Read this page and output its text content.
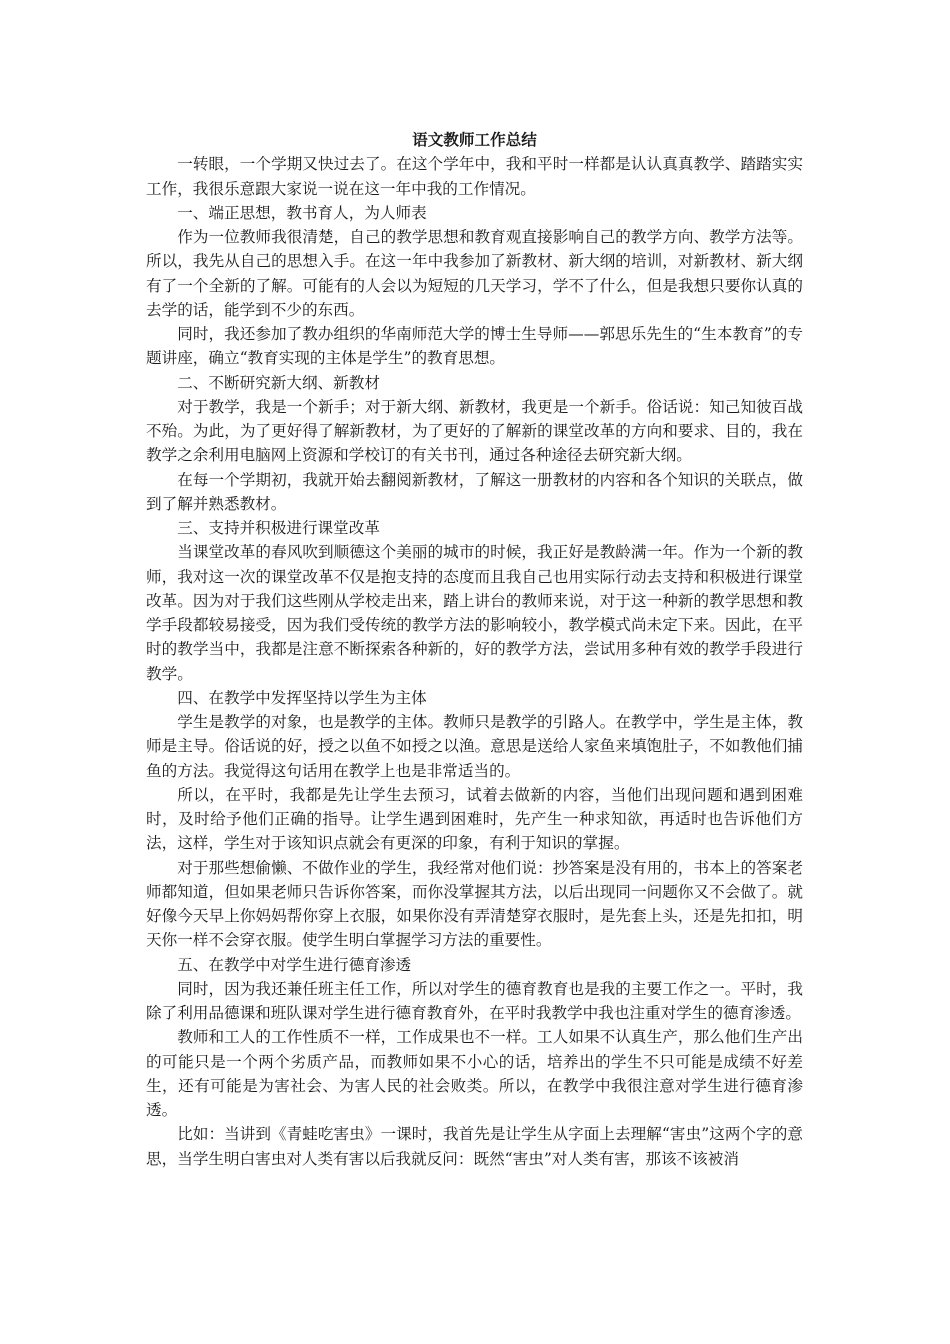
语文教师工作总结

一转眼，一个学期又快过去了。在这个学年中，我和平时一样都是认认真真教学、踏踏实实工作，我很乐意跟大家说一说在这一年中我的工作情况。

一、端正思想，教书育人，为人师表

作为一位教师我很清楚，自己的教学思想和教育观直接影响自己的教学方向、教学方法等。所以，我先从自己的思想入手。在这一年中我参加了新教材、新大纲的培训，对新教材、新大纲有了一个全新的了解。可能有的人会以为短短的几天学习，学不了什么，但是我想只要你认真的去学的话，能学到不少的东西。

同时，我还参加了教办组织的华南师范大学的博士生导师——郭思乐先生的“生本教育”的专题讲座，确立“教育实现的主体是学生”的教育思想。

二、不断研究新大纲、新教材

对于教学，我是一个新手；对于新大纲、新教材，我更是一个新手。俗话说：知己知彼百战不殆。为此，为了更好得了解新教材，为了更好的了解新的课堂改革的方向和要求、目的，我在教学之余利用电脑网上资源和学校订的有关书刊，通过各种途径去研究新大纲。

在每一个学期初，我就开始去翻阅新教材，了解这一册教材的内容和各个知识的关联点，做到了解并熟悉教材。

三、支持并积极进行课堂改革

当课堂改革的春风吹到顺德这个美丽的城市的时候，我正好是教龄满一年。作为一个新的教师，我对这一次的课堂改革不仅是抱支持的态度而且我自己也用实际行动去支持和积极进行课堂改革。因为对于我们这些刚从学校走出来，踏上讲台的教师来说，对于这一种新的教学思想和教学手段都较易接受，因为我们受传统的教学方法的影响较小，教学模式尚未定下来。因此，在平时的教学当中，我都是注意不断探索各种新的，好的教学方法，尝试用多种有效的教学手段进行教学。

四、在教学中发挥坚持以学生为主体

学生是教学的对象，也是教学的主体。教师只是教学的引路人。在教学中，学生是主体，教师是主导。俗话说的好，授之以鱼不如授之以渔。意思是送给人家鱼来填饱肚子，不如教他们捕鱼的方法。我觉得这句话用在教学上也是非常适当的。

所以，在平时，我都是先让学生去预习，试着去做新的内容，当他们出现问题和遇到困难时，及时给予他们正确的指导。让学生遇到困难时，先产生一种求知欲，再适时也告诉他们方法，这样，学生对于该知识点就会有更深的印象，有利于知识的掌握。

对于那些想偷懒、不做作业的学生，我经常对他们说：抄答案是没有用的，书本上的答案老师都知道，但如果老师只告诉你答案，而你没掌握其方法，以后出现同一问题你又不会做了。就好像今天早上你妈妈帮你穿上衣服，如果你没有弄清楚穿衣服时，是先套上头，还是先扣扣，明天你一样不会穿衣服。使学生明白掌握学习方法的重要性。

五、在教学中对学生进行德育渗透

同时，因为我还兼任班主任工作，所以对学生的德育教育也是我的主要工作之一。平时，我除了利用品德课和班队课对学生进行德育教育外，在平时我教学中我也注重对学生的德育渗透。

教师和工人的工作性质不一样，工作成果也不一样。工人如果不认真生产，那么他们生产出的可能只是一个两个劣质产品，而教师如果不小心的话，培养出的学生不只可能是成绩不好差生，还有可能是为害社会、为害人民的社会败类。所以，在教学中我很注意对学生进行德育渗透。

比如：当讲到《青蛙吃害虫》一课时，我首先是让学生从字面上去理解“害虫”这两个字的意思，当学生明白害虫对人类有害以后我就反问：既然“害虫”对人类有害，那该不该被消
